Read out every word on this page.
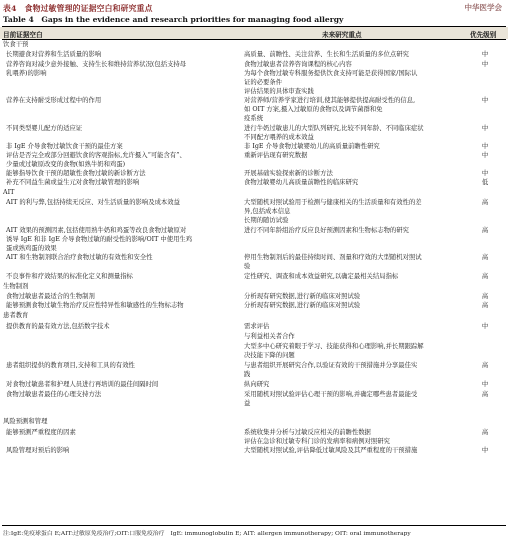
表4　食物过敏管理的证据空白和研究重点
Table 4　Gaps in the evidence and research priorities for managing food allergy
中华医学会
目前证据空白	未来研究重点	优先级别
饮食干预
长期避食对营养和生活质量的影响	高质量、前瞻性、关注营养、生长和生活质量的多位点研究	中
营养咨询对减少意外接触、支持生长和维持营养状况(包括支持母	食物过敏患者营养咨询课程的核心内容	中
乳喂养)的影响	为每个食物过敏专科服务提供饮食支持可能是获得国家/国际认
证的必要条件
评估结果的具体审查实践
营养在支持耐受形成过程中的作用	对营养师/营养学家进行培训,使其能够提供提高耐受性的信息,	中
如 OIT 方案,摄入过敏原的食物以及调节菌群和免
疫系统
不同类型婴儿配方的适应证	进行牛奶过敏患儿的大型队列研究,比较不同年龄、不同临床症状	中
不同配方喂养的成本效益
非 IgE 介导食物过敏饮食干预的最佳方案	非 IgE 介导食物过敏婴幼儿的高质量前瞻性研究	中
评估是否完全或部分回避饮食的客观指标,允许摄入“可能含有”、	重新评估现有研究数据	中
少量或过敏原改变的食物(如熟牛奶和鸡蛋)
能够指导饮食干预的超敏性食物过敏的新诊断方法	开展基础实验探索新的诊断方法	中
补充不同益生菌或益生元对食物过敏管理的影响	食物过敏婴幼儿高质量前瞻性的临床研究	低
AIT
AIT 的利与弊,包括持续无反应、对生活质量的影响及成本效益	大型随机对照试验用于检测与健康相关的生活质量和有效性的差	高
异,包括成本信息
长期的随访试验
AIT 效果的预测因素,包括使用熟牛奶和鸡蛋等改良食物过敏原对	进行不同年龄组治疗反应良好预测因素和生物标志物的研究	高
诱导 IgE 和非 IgE 介导食物过敏的耐受性的影响/OIT 中使用生鸡
蛋或熟鸡蛋的效果
AIT 和生物制剂联合治疗食物过敏的有效性和安全性	停用生物制剂后的最佳持续时间、剂量和疗效的大型随机对照试	高
验
不良事件和疗效结果的标准化定义和测量指标	定性研究、调查和成本效益研究,以确定最相关结局指标	高
生物制剂
食物过敏患者最适合的生物制剂	分析现有研究数据,进行新的临床对照试验	高
能够预测食物过敏生物治疗反应性特异性和敏感性的生物标志物	分析现有研究数据,进行新的临床对照试验	高
患者教育
提供教育的最有效方法,包括数字技术	需求评估	中
与利益相关者合作
大型多中心研究着眼于学习、技能获得和心理影响,并长期跟踪解
决技能下降的问题
患者组织提供的教育项目,支持和工具的有效性	与患者组织开展研究合作,以验证有效的干预措施并分享最佳实	高
践
对食物过敏患者和护理人员进行再培训的最佳间隔时间	纵向研究	中
食物过敏患者最佳的心理支持方法	采用随机对照试验评估心理干预的影响,并确定哪些患者最能受	高
益
风险预测和管理
能够预测严重程度的因素	系统收集并分析与过敏反应相关的前瞻性数据	高
评估在急诊和过敏专科门诊的发病率和病例对照研究
风险管理对预后的影响	大型随机对照试验,评估降低过敏风险及其严重程度的干预措施	中
注:IgE:免疫球蛋白 E;AIT:过敏原免疫治疗;OIT:口服免疫治疗　IgE: immunoglobulin E; AIT: allergen immunotherapy; OIT: oral immunotherapy
